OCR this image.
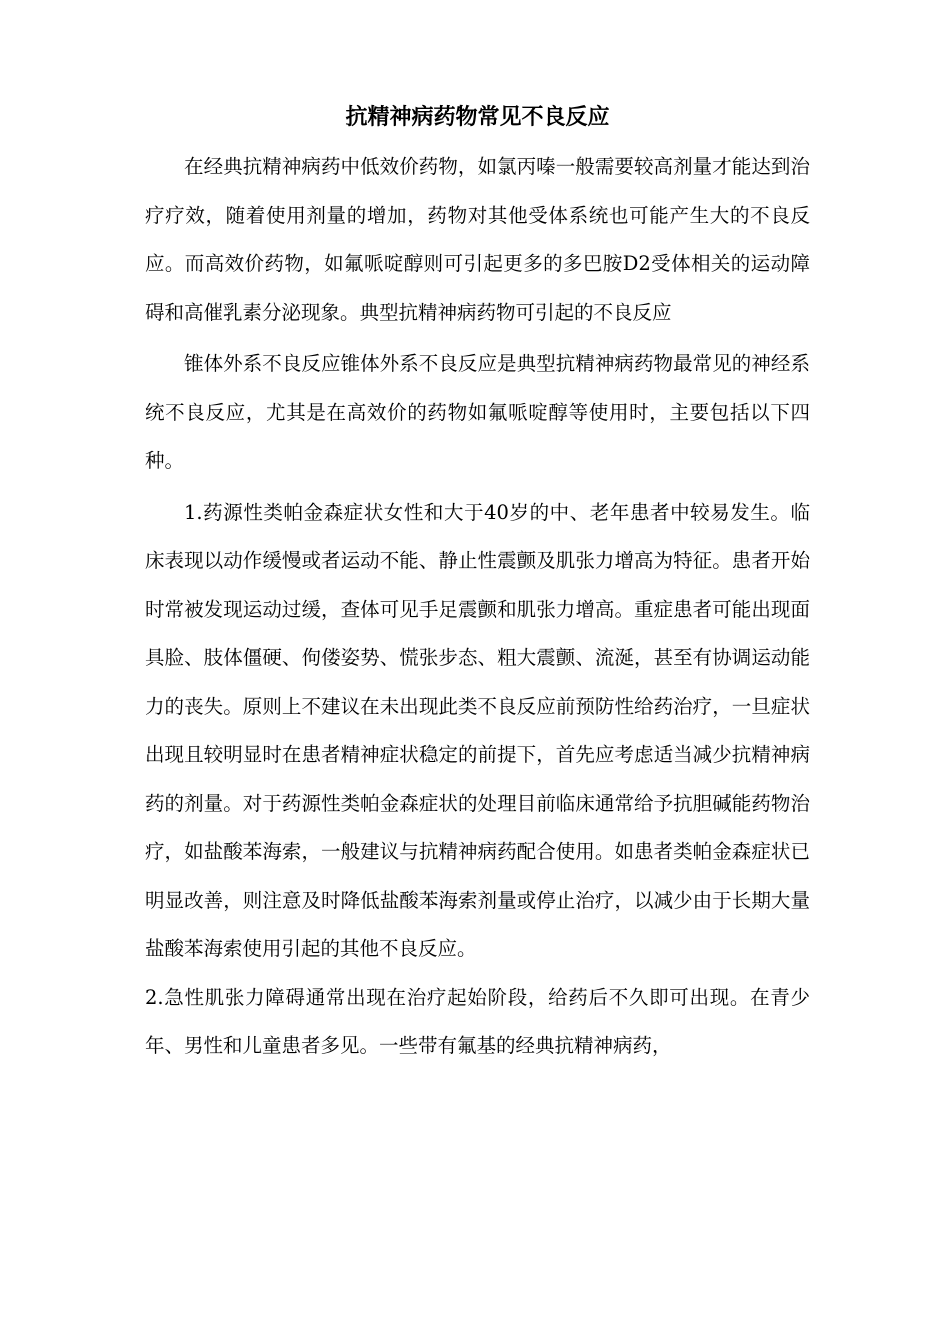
抗精神病药物常见不良反应

在经典抗精神病药中低效价药物，如氯丙嗪一般需要较高剂量才能达到治疗疗效，随着使用剂量的增加，药物对其他受体系统也可能产生大的不良反应。而高效价药物，如氟哌啶醇则可引起更多的多巴胺D2受体相关的运动障碍和高催乳素分泌现象。典型抗精神病药物可引起的不良反应

锥体外系不良反应锥体外系不良反应是典型抗精神病药物最常见的神经系统不良反应，尤其是在高效价的药物如氟哌啶醇等使用时，主要包括以下四种。

1.药源性类帕金森症状女性和大于40岁的中、老年患者中较易发生。临床表现以动作缓慢或者运动不能、静止性震颤及肌张力增高为特征。患者开始时常被发现运动过缓，查体可见手足震颤和肌张力增高。重症患者可能出现面具脸、肢体僵硬、佝偻姿势、慌张步态、粗大震颤、流涎，甚至有协调运动能力的丧失。原则上不建议在未出现此类不良反应前预防性给药治疗，一旦症状出现且较明显时在患者精神症状稳定的前提下，首先应考虑适当减少抗精神病药的剂量。对于药源性类帕金森症状的处理目前临床通常给予抗胆碱能药物治疗，如盐酸苯海索，一般建议与抗精神病药配合使用。如患者类帕金森症状已明显改善，则注意及时降低盐酸苯海索剂量或停止治疗，以减少由于长期大量盐酸苯海索使用引起的其他不良反应。

2.急性肌张力障碍通常出现在治疗起始阶段，给药后不久即可出现。在青少年、男性和儿童患者多见。一些带有氟基的经典抗精神病药，
